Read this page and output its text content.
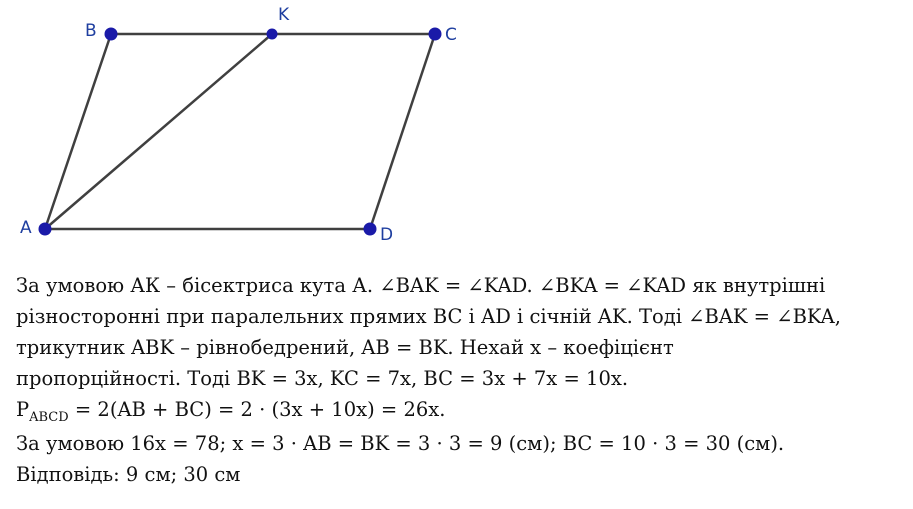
A
B
K
C
D
За умовою АК – бісектриса кута А. ∠BAK = ∠KAD. ∠BKA = ∠KAD як внутрішні
різносторонні при паралельних прямих BC і AD і січній AK. Тоді ∠BAK = ∠BKA,
трикутник ABK – рівнобедрений, AB = BK. Нехай x – коефіцієнт
пропорційності. Тоді BK = 3x, KC = 7x, BC = 3x + 7x = 10x.
$P_{ABCD} = 2(AB + BC) = 2 \cdot (3x + 10x) = 26x$.
За умовою 16x = 78; x = 3 · AB = BK = 3 · 3 = 9 (см); BC = 10 · 3 = 30 (см).
Відповідь: 9 см; 30 см
